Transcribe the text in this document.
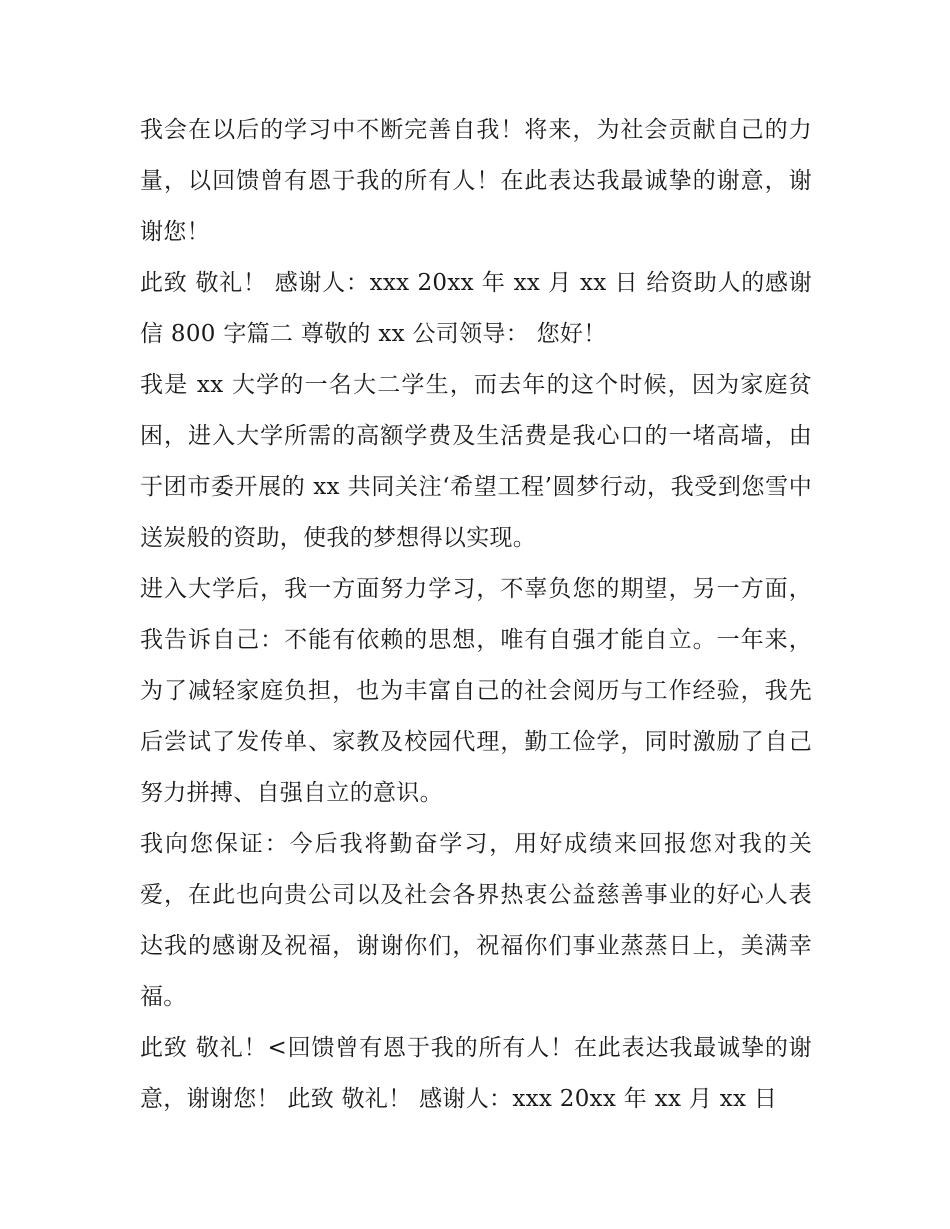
我会在以后的学习中不断完善自我！将来，为社会贡献自己的力量，以回馈曾有恩于我的所有人！在此表达我最诚挚的谢意，谢谢您！

此致 敬礼！ 感谢人：xxx 20xx 年 xx 月 xx 日 给资助人的感谢信 800 字篇二 尊敬的 xx 公司领导： 您好！

我是 xx 大学的一名大二学生，而去年的这个时候，因为家庭贫困，进入大学所需的高额学费及生活费是我心口的一堵高墙，由于团市委开展的 xx 共同关注‘希望工程’圆梦行动，我受到您雪中送炭般的资助，使我的梦想得以实现。

进入大学后，我一方面努力学习，不辜负您的期望，另一方面，我告诉自己：不能有依赖的思想，唯有自强才能自立。一年来，为了减轻家庭负担，也为丰富自己的社会阅历与工作经验，我先后尝试了发传单、家教及校园代理，勤工俭学，同时激励了自己努力拼搏、自强自立的意识。

我向您保证：今后我将勤奋学习，用好成绩来回报您对我的关爱，在此也向贵公司以及社会各界热衷公益慈善事业的好心人表达我的感谢及祝福，谢谢你们，祝福你们事业蒸蒸日上，美满幸福。

此致 敬礼！<回馈曾有恩于我的所有人！在此表达我最诚挚的谢意，谢谢您！ 此致 敬礼！ 感谢人：xxx 20xx 年 xx 月 xx 日
